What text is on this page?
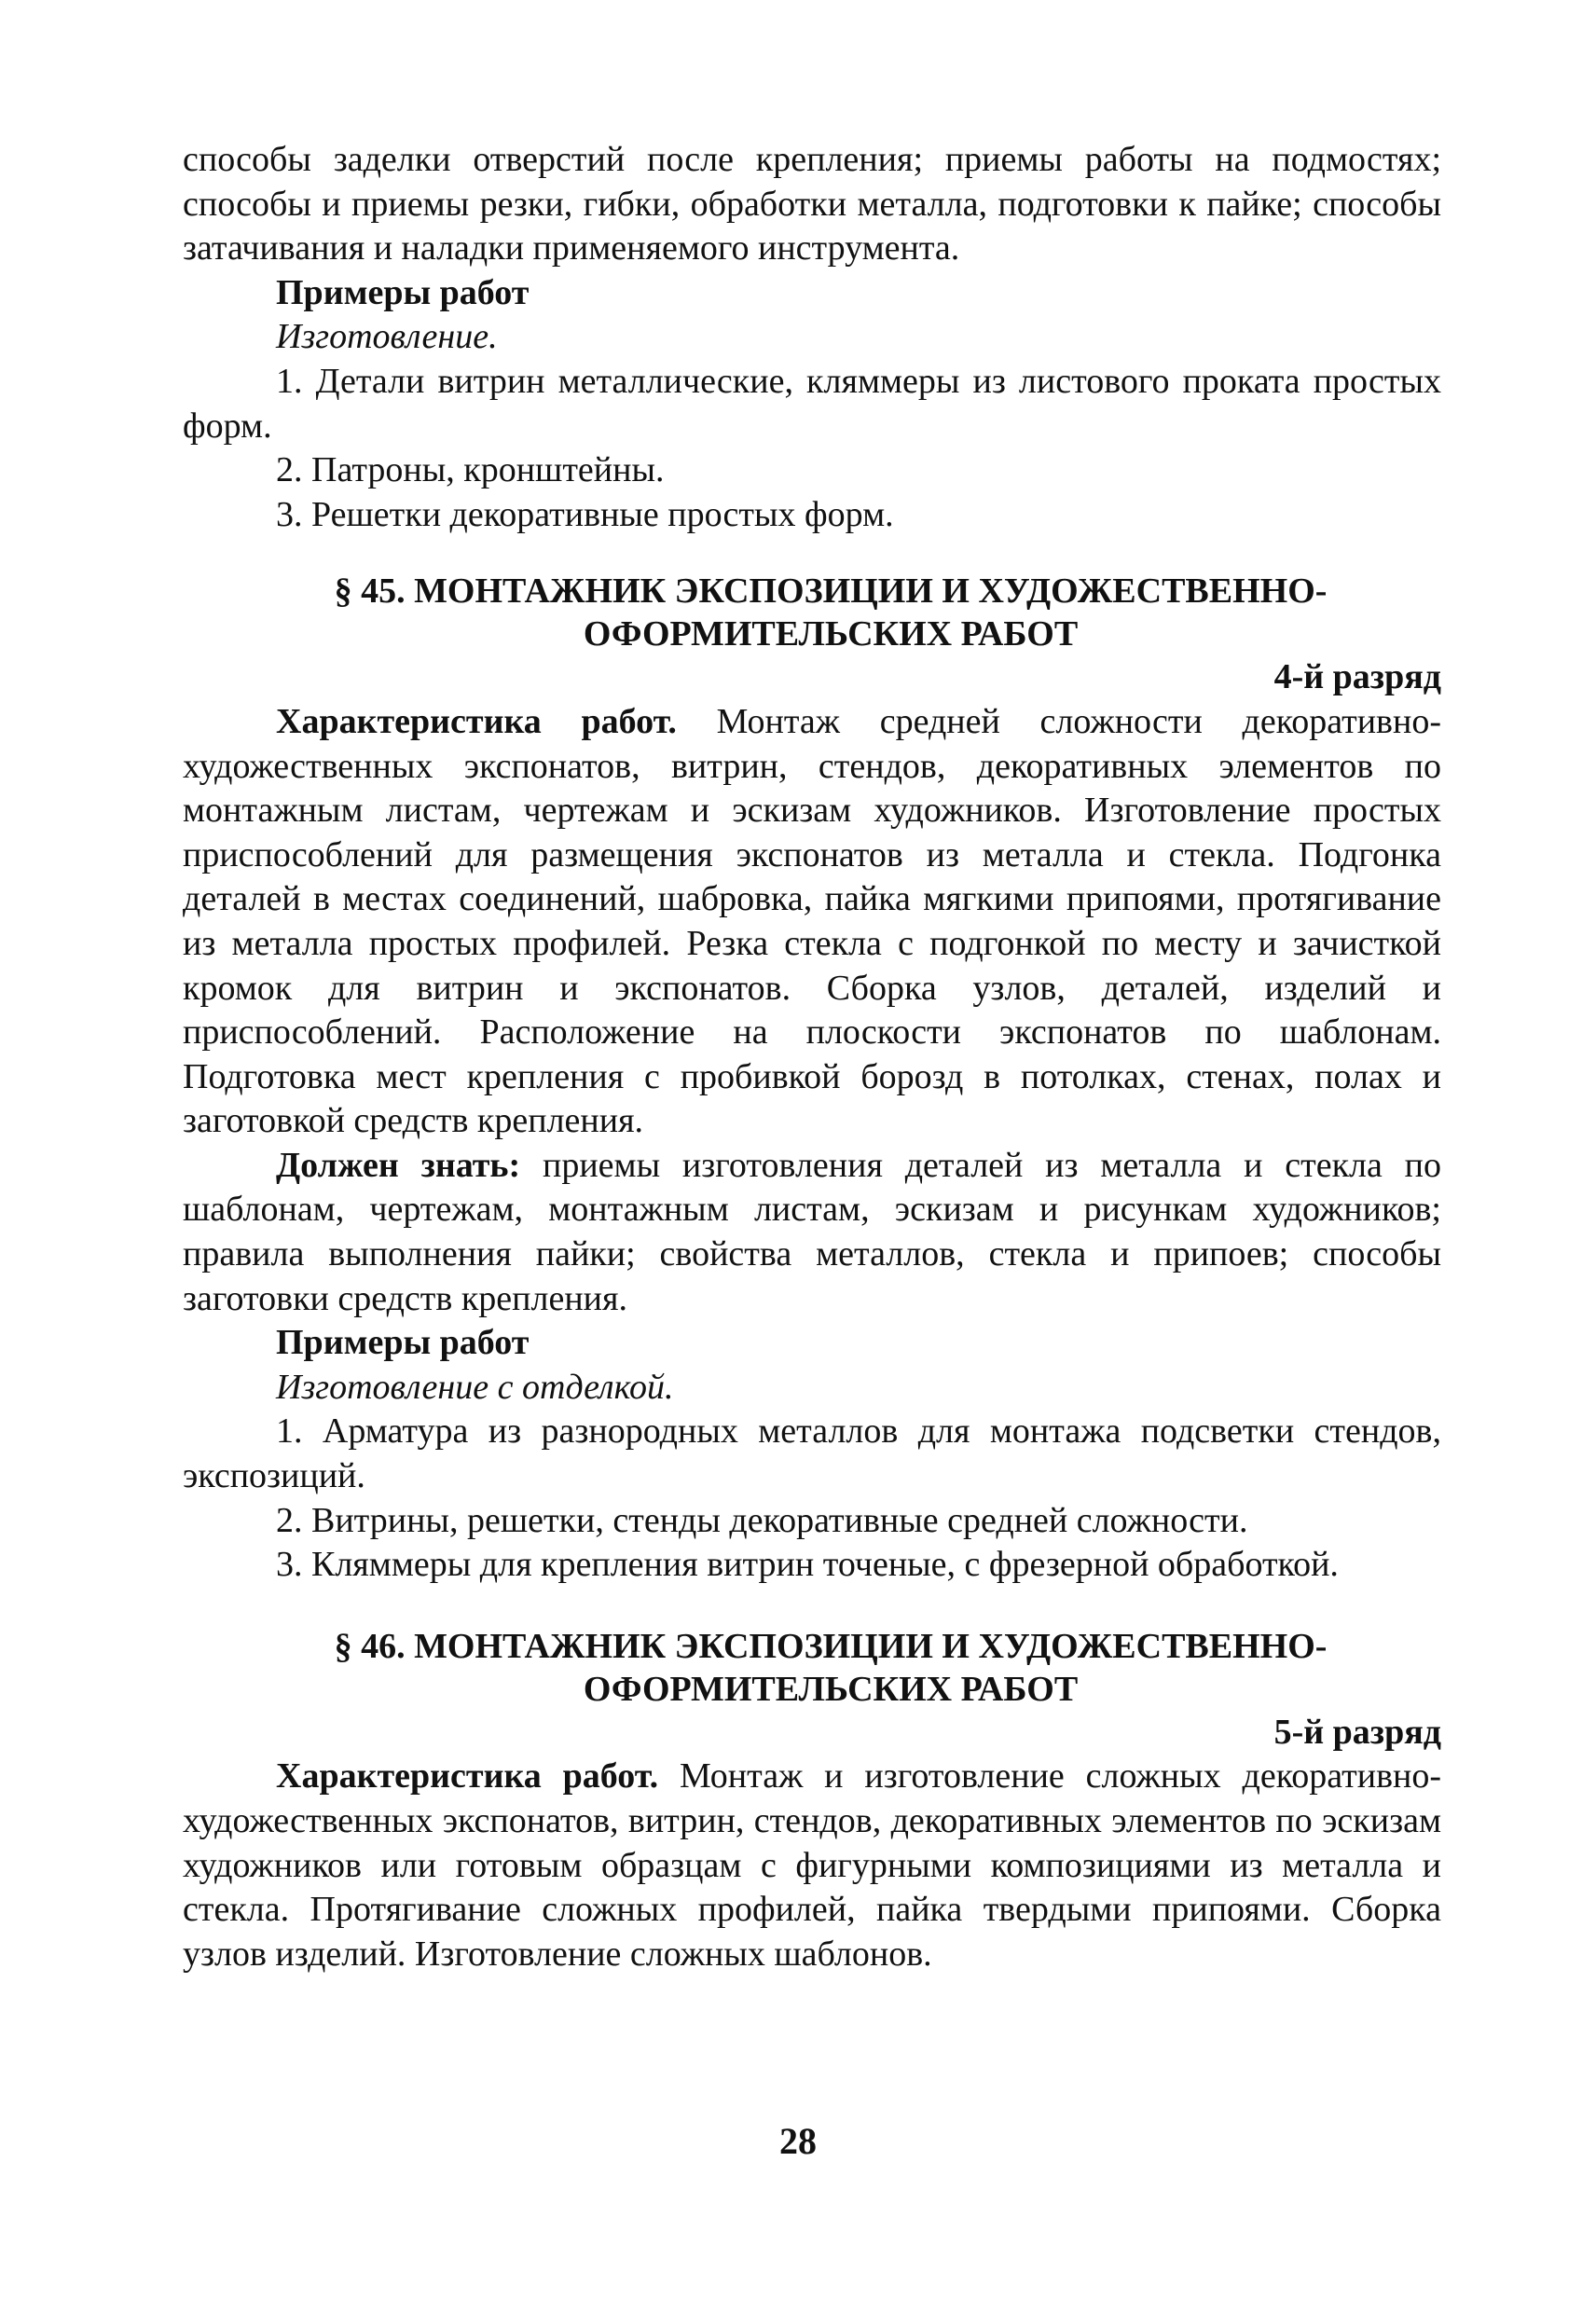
способы заделки отверстий после крепления; приемы работы на подмостях; способы и приемы резки, гибки, обработки металла, подготовки к пайке; способы затачивания и наладки применяемого инструмента.

Примеры работ

Изготовление.

1. Детали витрин металлические, кляммеры из листового проката простых форм.

2. Патроны, кронштейны.

3. Решетки декоративные простых форм.

§ 45. МОНТАЖНИК ЭКСПОЗИЦИИ И ХУДОЖЕСТВЕННО-

ОФОРМИТЕЛЬСКИХ РАБОТ

4-й разряд

Характеристика работ. Монтаж средней сложности декоративно-художественных экспонатов, витрин, стендов, декоративных элементов по монтажным листам, чертежам и эскизам художников. Изготовление простых приспособлений для размещения экспонатов из металла и стекла. Подгонка деталей в местах соединений, шабровка, пайка мягкими припоями, протягивание из металла простых профилей. Резка стекла с подгонкой по месту и зачисткой кромок для витрин и экспонатов. Сборка узлов, деталей, изделий и приспособлений. Расположение на плоскости экспонатов по шаблонам. Подготовка мест крепления с пробивкой борозд в потолках, стенах, полах и заготовкой средств крепления.

Должен знать: приемы изготовления деталей из металла и стекла по шаблонам, чертежам, монтажным листам, эскизам и рисункам художников; правила выполнения пайки; свойства металлов, стекла и припоев; способы заготовки средств крепления.

Примеры работ

Изготовление с отделкой.

1. Арматура из разнородных металлов для монтажа подсветки стендов, экспозиций.

2. Витрины, решетки, стенды декоративные средней сложности.

3. Кляммеры для крепления витрин точеные, с фрезерной обработкой.

§ 46. МОНТАЖНИК ЭКСПОЗИЦИИ И ХУДОЖЕСТВЕННО-

ОФОРМИТЕЛЬСКИХ РАБОТ

5-й разряд

Характеристика работ. Монтаж и изготовление сложных декоративно-художественных экспонатов, витрин, стендов, декоративных элементов по эскизам художников или готовым образцам с фигурными композициями из металла и стекла. Протягивание сложных профилей, пайка твердыми припоями. Сборка узлов изделий. Изготовление сложных шаблонов.

28
